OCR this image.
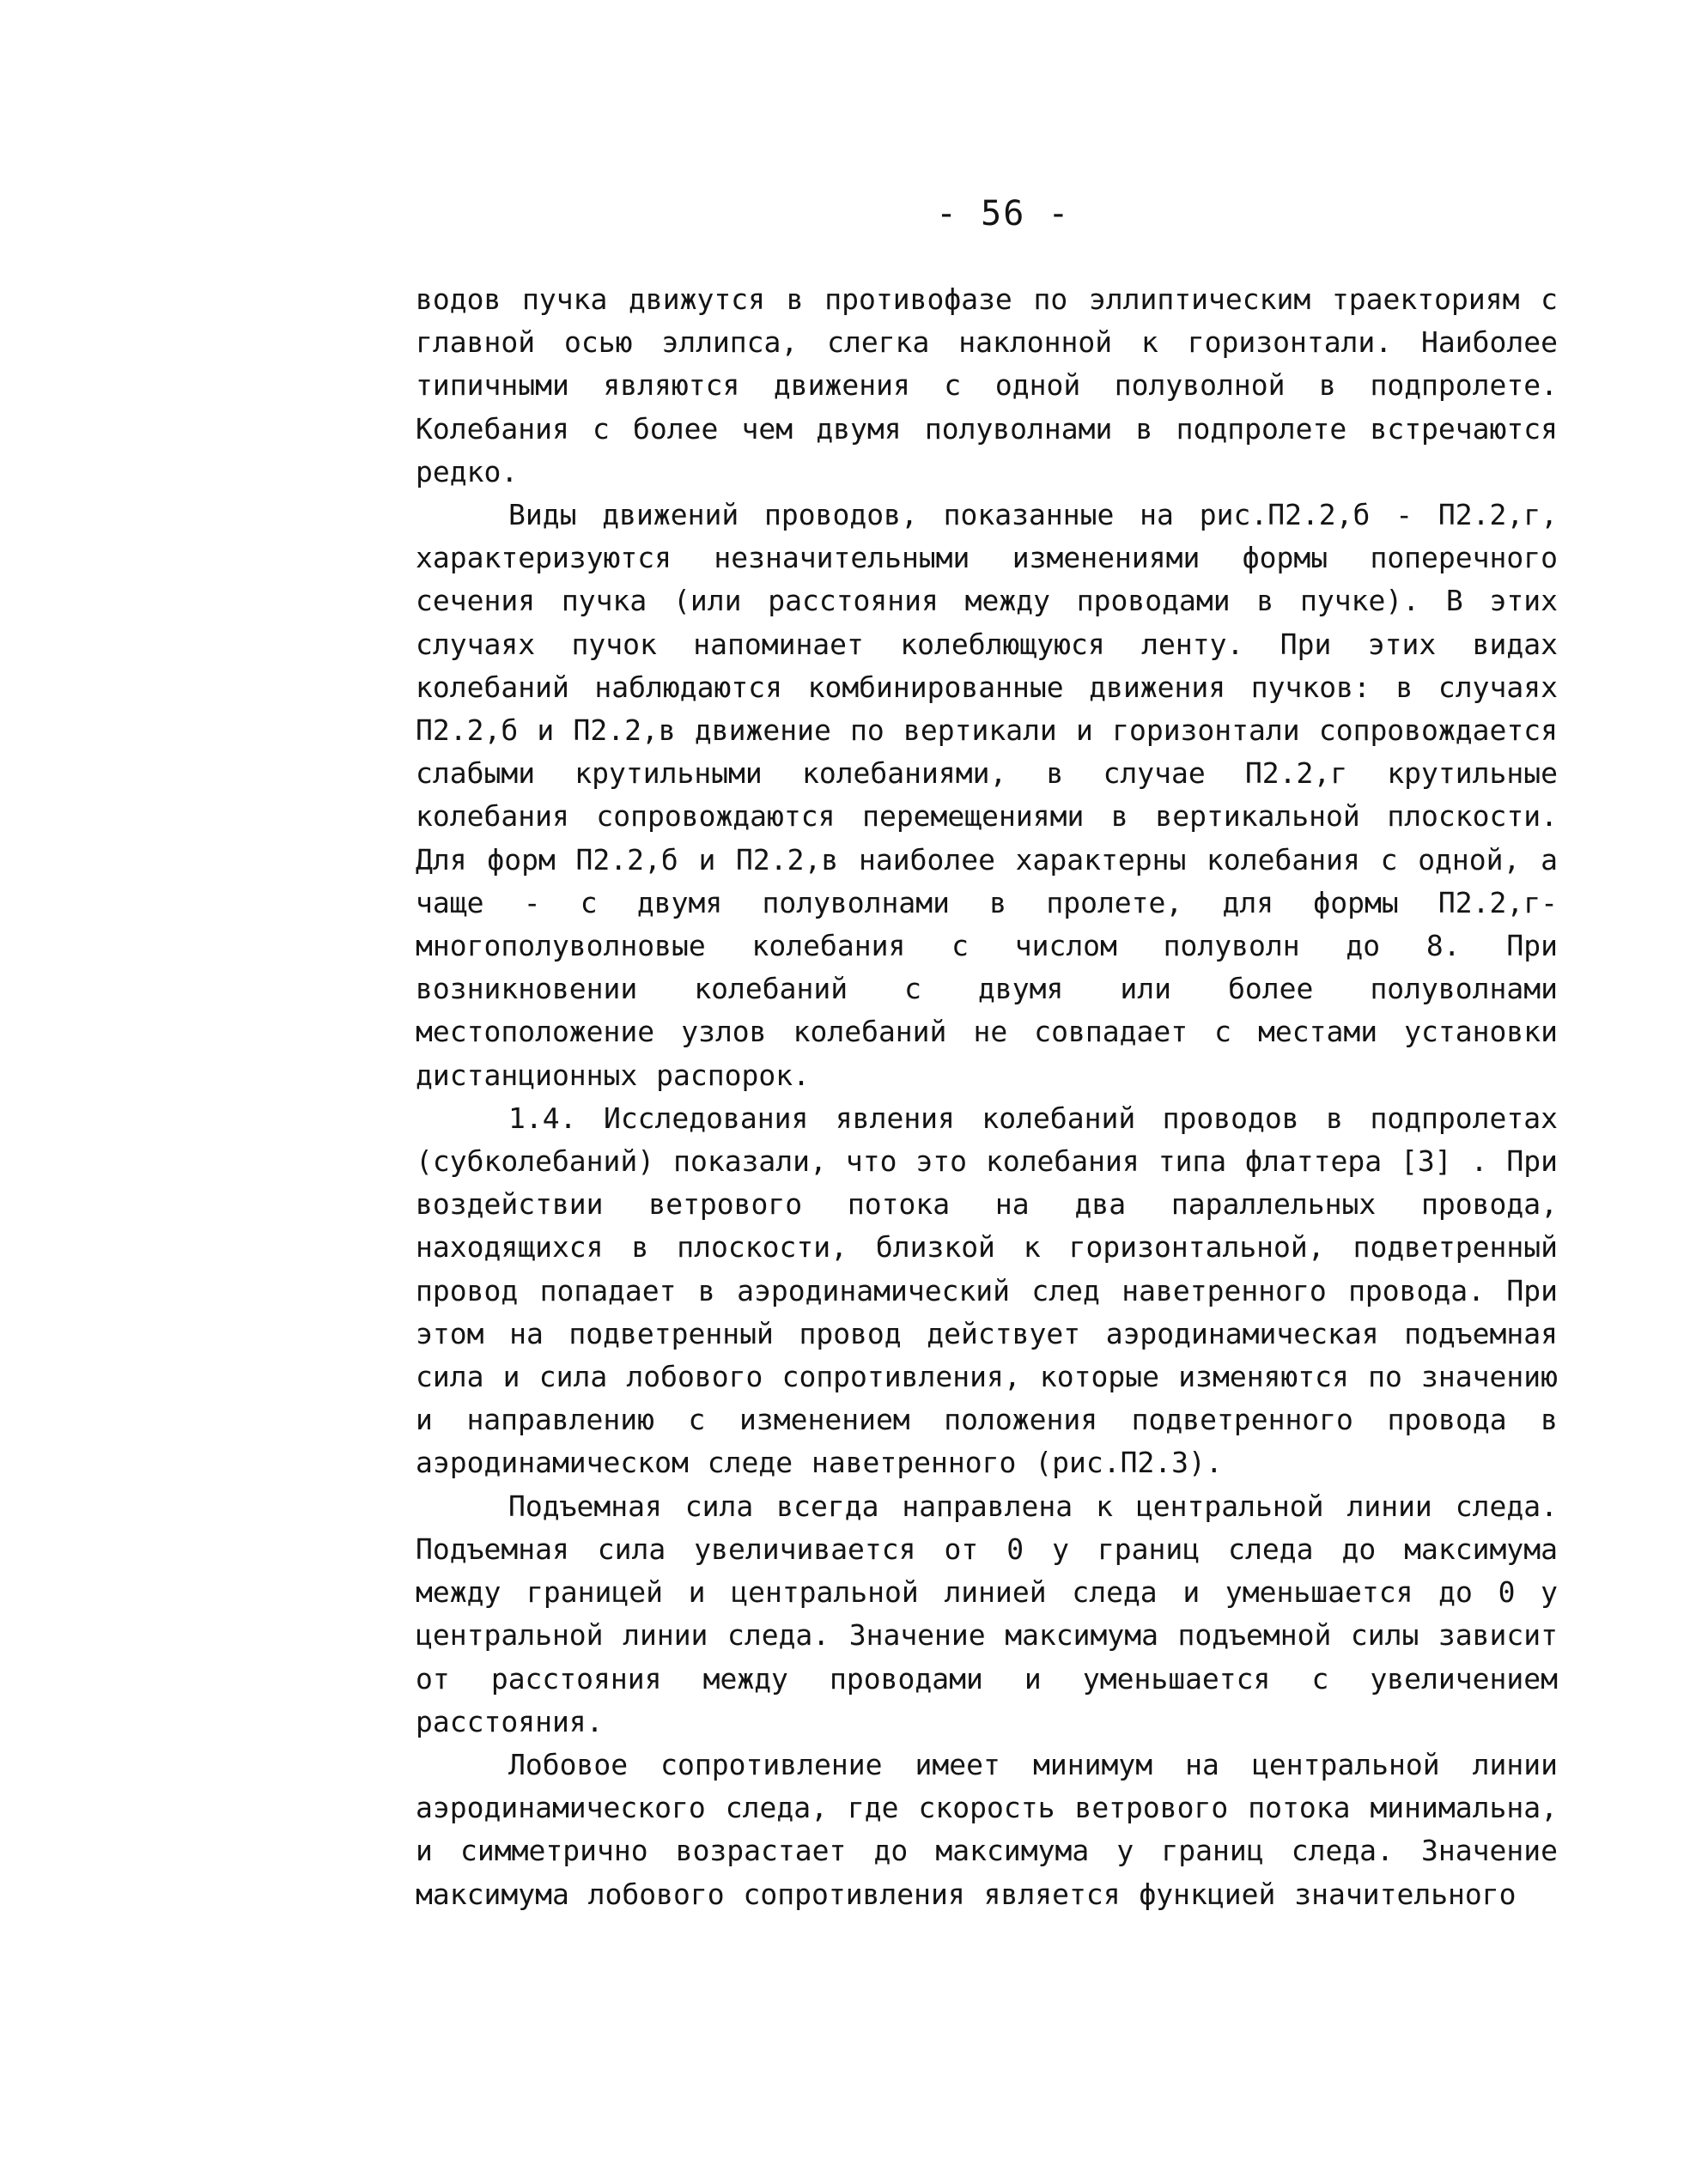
- 56 -

водов пучка движутся в противофазе по эллиптическим траекториям с главной осью эллипса, слегка наклонной к горизонтали. Наиболее типичными являются движения с одной полуволной в подпролете. Колебания с более чем двумя полуволнами в подпролете встречаются редко.

Виды движений проводов, показанные на рис.П2.2,б - П2.2,г, характеризуются незначительными изменениями формы поперечного сечения пучка (или расстояния между проводами в пучке). В этих случаях пучок напоминает колеблющуюся ленту. При этих видах колебаний наблюдаются комбинированные движения пучков: в случаях П2.2,б и П2.2,в движение по вертикали и горизонтали сопровождается слабыми крутильными колебаниями, в случае П2.2,г крутильные колебания сопровождаются перемещениями в вертикальной плоскости. Для форм П2.2,б и П2.2,в наиболее характерны колебания с одной, а чаще - с двумя полуволнами в пролете, для формы П2.2,г- многополуволновые колебания с числом полуволн до 8. При возникновении колебаний с двумя или более полуволнами местоположение узлов колебаний не совпадает с местами установки дистанционных распорок.

1.4. Исследования явления колебаний проводов в подпролетах (субколебаний) показали, что это колебания типа флаттера [3] . При воздействии ветрового потока на два параллельных провода, находящихся в плоскости, близкой к горизонтальной, подветренный провод попадает в аэродинамический след наветренного провода. При этом на подветренный провод действует аэродинамическая подъемная сила и сила лобового сопротивления, которые изменяются по значению и направлению с изменением положения подветренного провода в аэродинамическом следе наветренного (рис.П2.3).

Подъемная сила всегда направлена к центральной линии следа. Подъемная сила увеличивается от 0 у границ следа до максимума между границей и центральной линией следа и уменьшается до 0 у центральной линии следа. Значение максимума подъемной силы зависит от расстояния между проводами и уменьшается с увеличением расстояния.

Лобовое сопротивление имеет минимум на центральной линии аэродинамического следа, где скорость ветрового потока минимальна, и симметрично возрастает до максимума у границ следа. Значение максимума лобового сопротивления является функцией значительного
